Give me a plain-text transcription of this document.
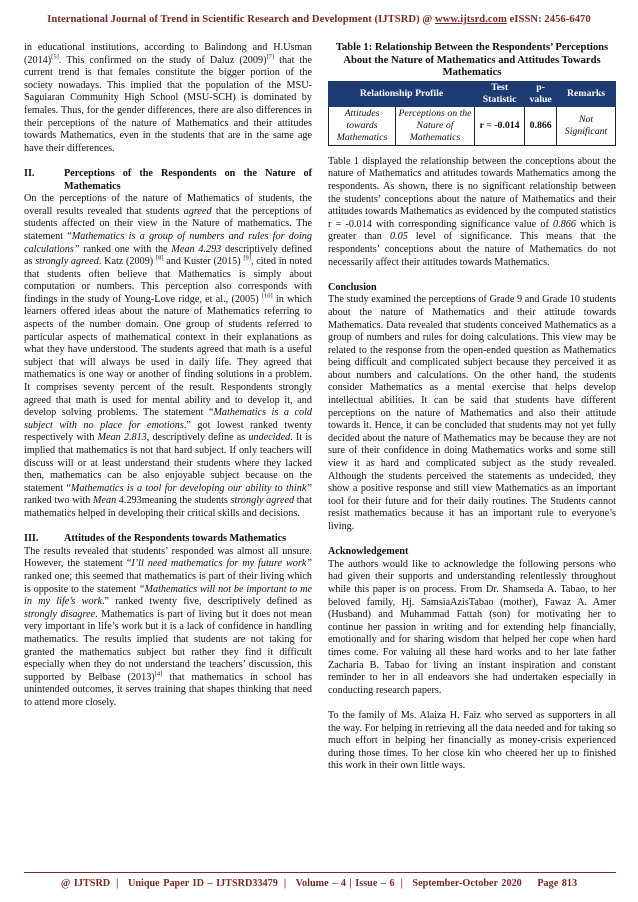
International Journal of Trend in Scientific Research and Development (IJTSRD) @ www.ijtsrd.com eISSN: 2456-6470

in educational institutions, according to Balindong and H.Usman (2014)[5]. This confirmed on the study of Daluz (2009)[7] that the current trend is that females constitute the bigger portion of the society nowadays. This implied that the population of the MSU-Saguiaran Community High School (MSU-SCH) is dominated by females. Thus, for the gender differences, there are also differences in their perceptions of the nature of Mathematics and their attitudes towards Mathematics, even in the students that are in the same age have their differences.

II.	Perceptions of the Respondents on the Nature of Mathematics

On the perceptions of the nature of Mathematics of students, the overall results revealed that students agreed that the perceptions of students affected on their view in the Nature of mathematics. The statement “Mathematics is a group of numbers and rules for doing calculations” ranked one with the Mean 4.293 descriptively defined as strongly agreed. Katz (2009) [8] and Kuster (2015) [9], cited in noted that students often believe that Mathematics is simply about computation or numbers. This perception also corresponds with findings in the study of Young-Love ridge, et al., (2005) [10] in which learners offered ideas about the nature of Mathematics referring to aspects of the number domain. One group of students referred to particular aspects of mathematical context in their explanations as what they have understood. The students agreed that math is a useful subject that will always be used in daily life. They agreed that mathematics is one way or another of finding solutions in a problem. It comprises seventy percent of the result. Respondents strongly agreed that math is used for mental ability and to develop it, and develop solving problems. The statement “Mathematics is a cold subject with no place for emotions.” got lowest ranked twenty respectively with Mean 2.813, descriptively define as undecided. It is implied that mathematics is not that hard subject. If only teachers will discuss will or at least understand their students where they lacked then, mathematics can be also enjoyable subject because on the statement “Mathematics is a tool for developing our ability to think” ranked two with Mean 4.293meaning the students strongly agreed that mathematics helped in developing their critical skills and decisions.

III.	Attitudes of the Respondents towards Mathematics

The results revealed that students’ responded was almost all unsure. However, the statement “I’ll need mathematics for my future work” ranked one; this seemed that mathematics is part of their living which is opposite to the statement “Mathematics will not be important to me in my life’s work.” ranked twenty five, descriptively defined as strongly disagree. Mathematics is part of living but it does not mean very important in life’s work but it is a lack of confidence in handling mathematics. The results implied that students are not taking for granted the mathematics subject but rather they find it difficult especially when they do not understand the teachers’ discussion, this supported by Belbase (2013)[4] that mathematics in school has unintended outcomes, it serves training that shapes thinking that need to attend more closely.

Table 1: Relationship Between the Respondents’ Perceptions About the Nature of Mathematics and Attitudes Towards Mathematics
Relationship Profile		Test Statistic	p-value	Remarks
Attitudes towards Mathematics	Perceptions on the Nature of Mathematics	r = -0.014	0.866	Not Significant

Table 1 displayed the relationship between the conceptions about the nature of Mathematics and attitudes towards Mathematics among the respondents. As shown, there is no significant relationship between the students’ conceptions about the nature of Mathematics and their attitudes towards Mathematics as evidenced by the computed statistics r = -0.014 with corresponding significance value of 0.866 which is greater than 0.05 level of significance. This means that the respondents’ conceptions about the nature of Mathematics do not necessarily affect their attitudes towards Mathematics.

Conclusion

The study examined the perceptions of Grade 9 and Grade 10 students about the nature of Mathematics and their attitude towards Mathematics. Data revealed that students conceived Mathematics as a group of numbers and rules for doing calculations. This view may be related to the response from the open-ended question as Mathematics being difficult and complicated subject because they perceived it as about numbers and calculations. On the other hand, the students consider Mathematics as a mental exercise that helps develop intellectual abilities. It can be said that students have different perceptions on the nature of Mathematics and also their attitude towards it. Hence, it can be concluded that students may not yet fully decided about the nature of Mathematics may be because they are not sure of their confidence in doing Mathematics works and some still view it as hard and complicated subject as the study revealed. Although the students perceived the statements as undecided, they show a positive response and still view Mathematics as an important tool for their future and for their daily routines. The Students cannot resist mathematics because it has an important rule to everyone’s living.

Acknowledgement

The authors would like to acknowledge the following persons who had given their supports and understanding relentlessly throughout while this paper is on process. From Dr. Shamseda A. Tabao, to her beloved family, Hj. SamsiaAzisTabao (mother), Fawaz A. Amer (Husband) and Muhammad Fattah (son) for motivating her to continue her passion in writing and for extending help financially, emotionally and for sharing wisdom that helped her cope when hard times come. For valuing all these hard works and to her late father Zacharia B. Tabao for living an instant inspiration and constant reminder to her in all endeavors she had undertaken especially in conducting research papers.

To the family of Ms. Alaiza H. Faiz who served as supporters in all the way. For helping in retrieving all the data needed and for taking so much effort in helping her financially as money-crisis experienced during those times. To her close kin who cheered her up to finished this work in their own little ways.

@ IJTSRD | Unique Paper ID – IJTSRD33479 | Volume – 4 | Issue – 6 | September-October 2020 Page 813
